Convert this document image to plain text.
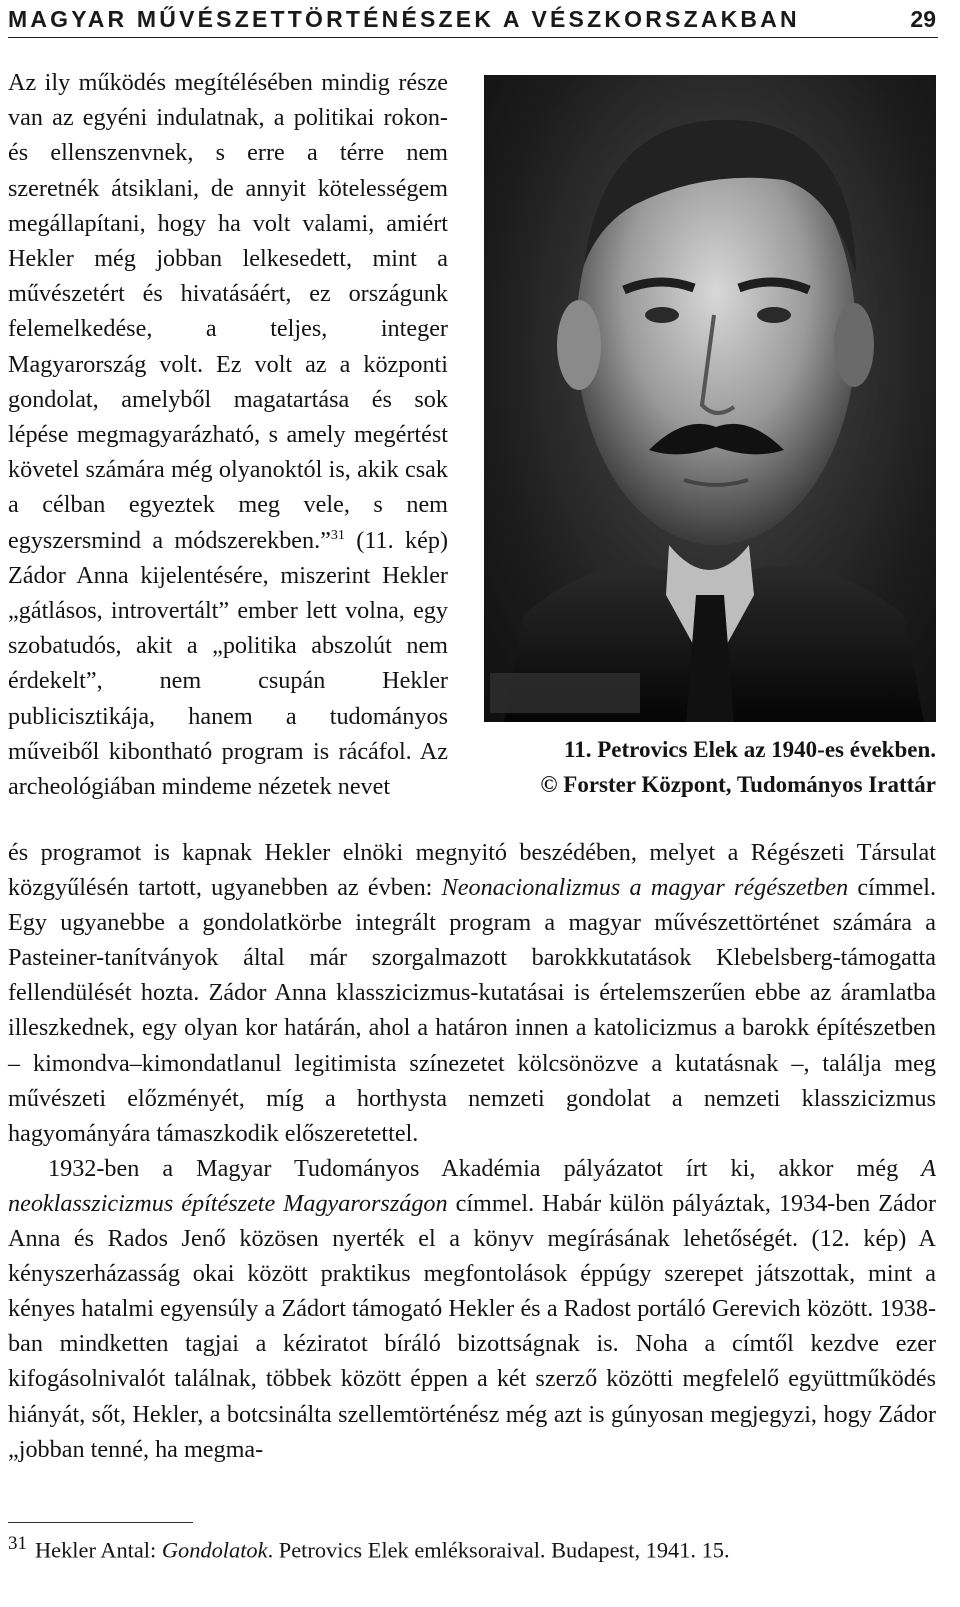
MAGYAR MŰVÉSZETTÖRTÉNÉSZEK A VÉSZKORSZAKBAN	29

Az ily működés megítélésében mindig része van az egyéni indulatnak, a politikai rokon- és ellenszenvnek, s erre a térre nem szeretnék átsiklani, de annyit kötelességem megállapítani, hogy ha volt valami, amiért Hekler még jobban lelkesedett, mint a művészetért és hivatásáért, ez országunk felemelkedése, a teljes, integer Magyarország volt. Ez volt az a központi gondolat, amelyből magatartása és sok lépése megmagyarázható, s amely megértést követel számára még olyanoktól is, akik csak a célban egyeztek meg vele, s nem egyszersmind a módszerekben.”$^{31}$ (11. kép) Zádor Anna kijelentésére, miszerint Hekler „gátlásos, introvertált” ember lett volna, egy szobatudós, akit a „politika abszolút nem érdekelt”, nem csupán Hekler publicisztikája, hanem a tudományos műveiből kibontható program is rácáfol. Az archeológiában mindeme nézetek nevet

11. Petrovics Elek az 1940-es években.
© Forster Központ, Tudományos Irattár

és programot is kapnak Hekler elnöki megnyitó beszédében, melyet a Régészeti Társulat közgyűlésén tartott, ugyanebben az évben: Neonacionalizmus a magyar régészetben címmel. Egy ugyanebbe a gondolatkörbe integrált program a magyar művészettörténet számára a Pasteiner-tanítványok által már szorgalmazott barokkkutatások Klebelsberg-támogatta fellendülését hozta. Zádor Anna klasszicizmus-kutatásai is értelemszerűen ebbe az áramlatba illeszkednek, egy olyan kor határán, ahol a határon innen a katolicizmus a barokk építészetben – kimondva–kimondatlanul legitimista színezetet kölcsönözve a kutatásnak –, találja meg művészeti előzményét, míg a horthysta nemzeti gondolat a nemzeti klasszicizmus hagyományára támaszkodik előszeretettel.

1932-ben a Magyar Tudományos Akadémia pályázatot írt ki, akkor még A neoklasszicizmus építészete Magyarországon címmel. Habár külön pályáztak, 1934-ben Zádor Anna és Rados Jenő közösen nyerték el a könyv megírásának lehetőségét. (12. kép) A kényszerházasság okai között praktikus megfontolások éppúgy szerepet játszottak, mint a kényes hatalmi egyensúly a Zádort támogató Hekler és a Radost portáló Gerevich között. 1938-ban mindketten tagjai a kéziratot bíráló bizottságnak is. Noha a címtől kezdve ezer kifogásolnivalót találnak, többek között éppen a két szerző közötti megfelelő együttműködés hiányát, sőt, Hekler, a botcsinálta szellemtörténész még azt is gúnyosan megjegyzi, hogy Zádor „jobban tenné, ha megma-

$^{31}$ Hekler Antal: Gondolatok. Petrovics Elek emléksoraival. Budapest, 1941. 15.
